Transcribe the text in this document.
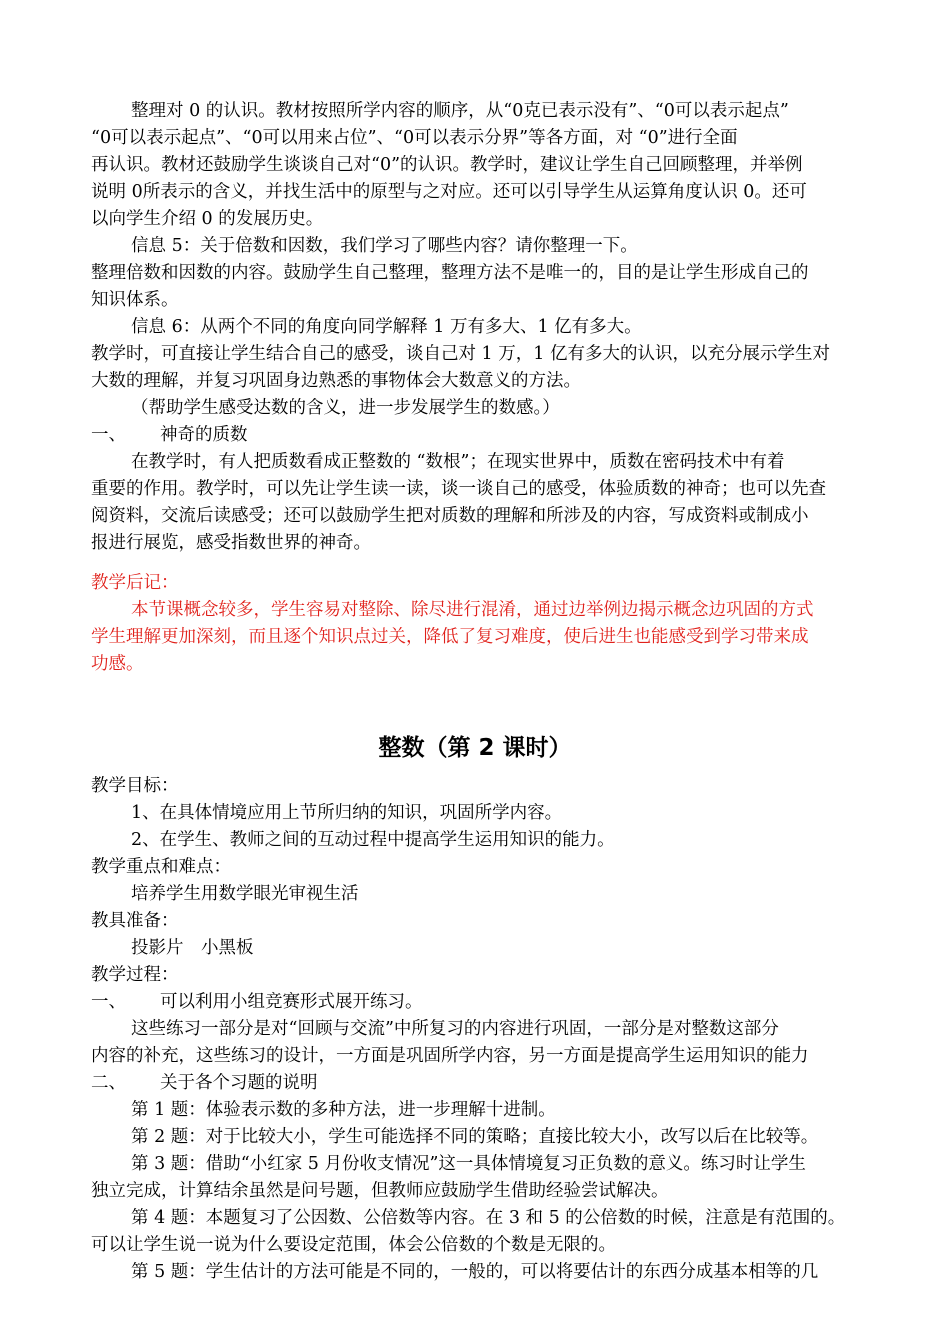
整理对 0 的认识。教材按照所学内容的顺序，从“0克已表示没有”、“0可以表示起点”
“0可以表示起点”、“0可以用来占位”、“0可以表示分界”等各方面，对 “0”进行全面
再认识。教材还鼓励学生谈谈自己对“0”的认识。教学时，建议让学生自己回顾整理，并举例
说明 0所表示的含义，并找生活中的原型与之对应。还可以引导学生从运算角度认识 0。还可
以向学生介绍 0 的发展历史。
信息 5：关于倍数和因数，我们学习了哪些内容？请你整理一下。
整理倍数和因数的内容。鼓励学生自己整理，整理方法不是唯一的，目的是让学生形成自己的
知识体系。
信息 6：从两个不同的角度向同学解释 1 万有多大、1 亿有多大。
教学时，可直接让学生结合自己的感受，谈自己对 1 万，1 亿有多大的认识，以充分展示学生对
大数的理解，并复习巩固身边熟悉的事物体会大数意义的方法。
（帮助学生感受达数的含义，进一步发展学生的数感。）
一、 神奇的质数
在教学时，有人把质数看成正整数的 “数根”；在现实世界中，质数在密码技术中有着
重要的作用。教学时，可以先让学生读一读，谈一谈自己的感受，体验质数的神奇；也可以先查
阅资料，交流后读感受；还可以鼓励学生把对质数的理解和所涉及的内容，写成资料或制成小
报进行展览，感受指数世界的神奇。
教学后记：
本节课概念较多，学生容易对整除、除尽进行混淆，通过边举例边揭示概念边巩固的方式
学生理解更加深刻，而且逐个知识点过关，降低了复习难度，使后进生也能感受到学习带来成
功感。
整数（第 2 课时）
教学目标：
1、在具体情境应用上节所归纳的知识，巩固所学内容。
2、在学生、教师之间的互动过程中提高学生运用知识的能力。
教学重点和难点：
培养学生用数学眼光审视生活
教具准备：
投影片　小黑板
教学过程：
一、 可以利用小组竞赛形式展开练习。
这些练习一部分是对“回顾与交流”中所复习的内容进行巩固，一部分是对整数这部分
内容的补充，这些练习的设计，一方面是巩固所学内容，另一方面是提高学生运用知识的能力
二、 关于各个习题的说明
第 1 题：体验表示数的多种方法，进一步理解十进制。
第 2 题：对于比较大小，学生可能选择不同的策略；直接比较大小，改写以后在比较等。
第 3 题：借助“小红家 5 月份收支情况”这一具体情境复习正负数的意义。练习时让学生
独立完成，计算结余虽然是问号题，但教师应鼓励学生借助经验尝试解决。
第 4 题：本题复习了公因数、公倍数等内容。在 3 和 5 的公倍数的时候，注意是有范围的。
可以让学生说一说为什么要设定范围，体会公倍数的个数是无限的。
第 5 题：学生估计的方法可能是不同的，一般的，可以将要估计的东西分成基本相等的几
